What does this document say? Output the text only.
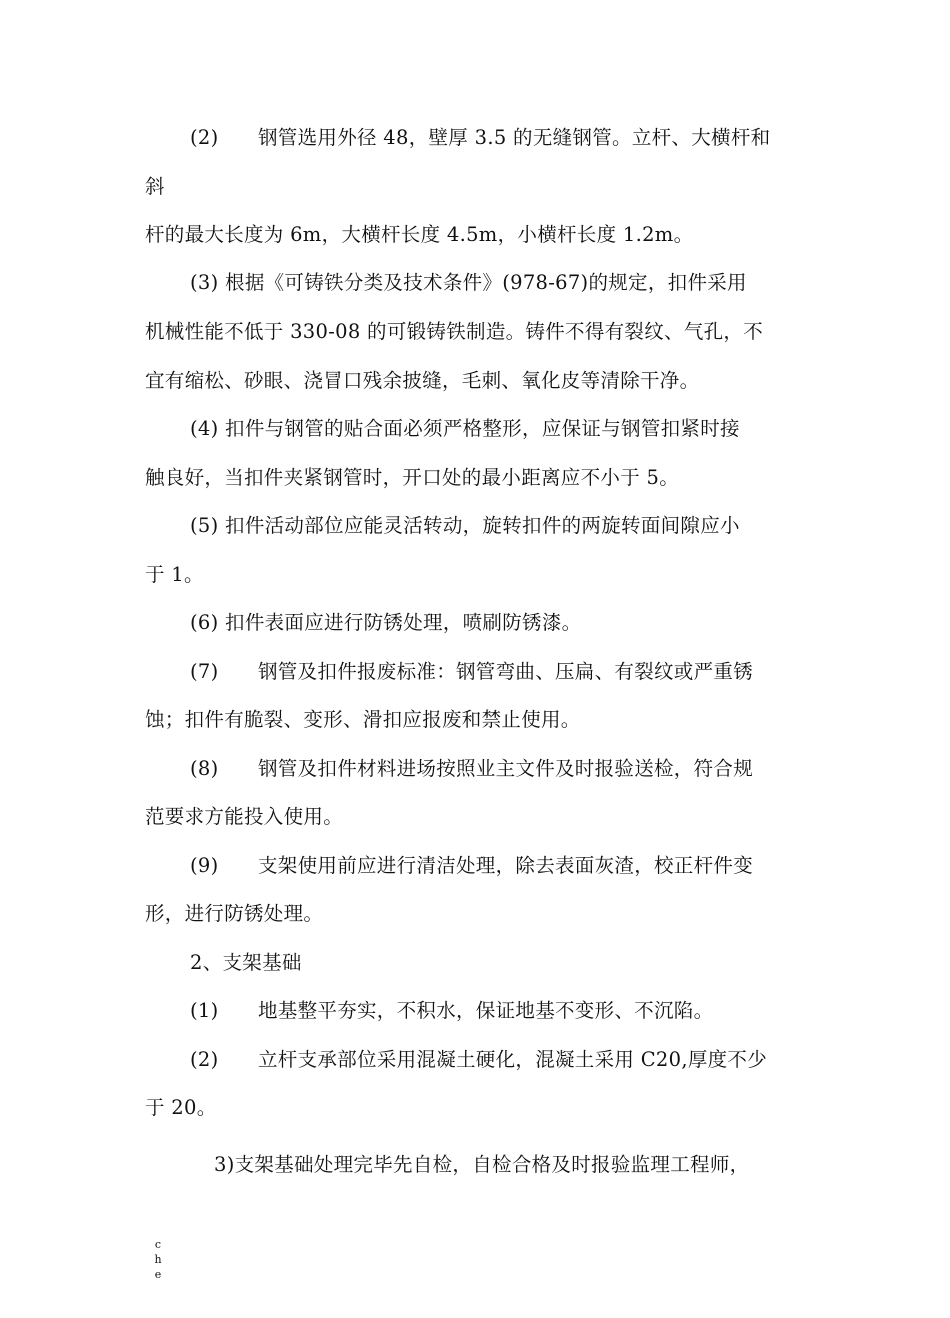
(2) 钢管选用外径 48，壁厚 3.5 的无缝钢管。立杆、大横杆和
斜
杆的最大长度为 6m，大横杆长度 4.5m，小横杆长度 1.2m。
(3) 根据《可铸铁分类及技术条件》(978-67)的规定，扣件采用
机械性能不低于 330-08 的可锻铸铁制造。铸件不得有裂纹、气孔，不
宜有缩松、砂眼、浇冒口残余披缝，毛刺、氧化皮等清除干净。
(4) 扣件与钢管的贴合面必须严格整形，应保证与钢管扣紧时接
触良好，当扣件夹紧钢管时，开口处的最小距离应不小于 5。
(5) 扣件活动部位应能灵活转动，旋转扣件的两旋转面间隙应小
于 1。
(6) 扣件表面应进行防锈处理，喷刷防锈漆。
(7) 钢管及扣件报废标准：钢管弯曲、压扁、有裂纹或严重锈
蚀；扣件有脆裂、变形、滑扣应报废和禁止使用。
(8) 钢管及扣件材料进场按照业主文件及时报验送检，符合规
范要求方能投入使用。
(9) 支架使用前应进行清洁处理，除去表面灰渣，校正杆件变
形，进行防锈处理。
2、支架基础
(1) 地基整平夯实，不积水，保证地基不变形、不沉陷。
(2) 立杆支承部位采用混凝土硬化，混凝土采用 C20,厚度不少
于 20。
3)支架基础处理完毕先自检，自检合格及时报验监理工程师，
che
